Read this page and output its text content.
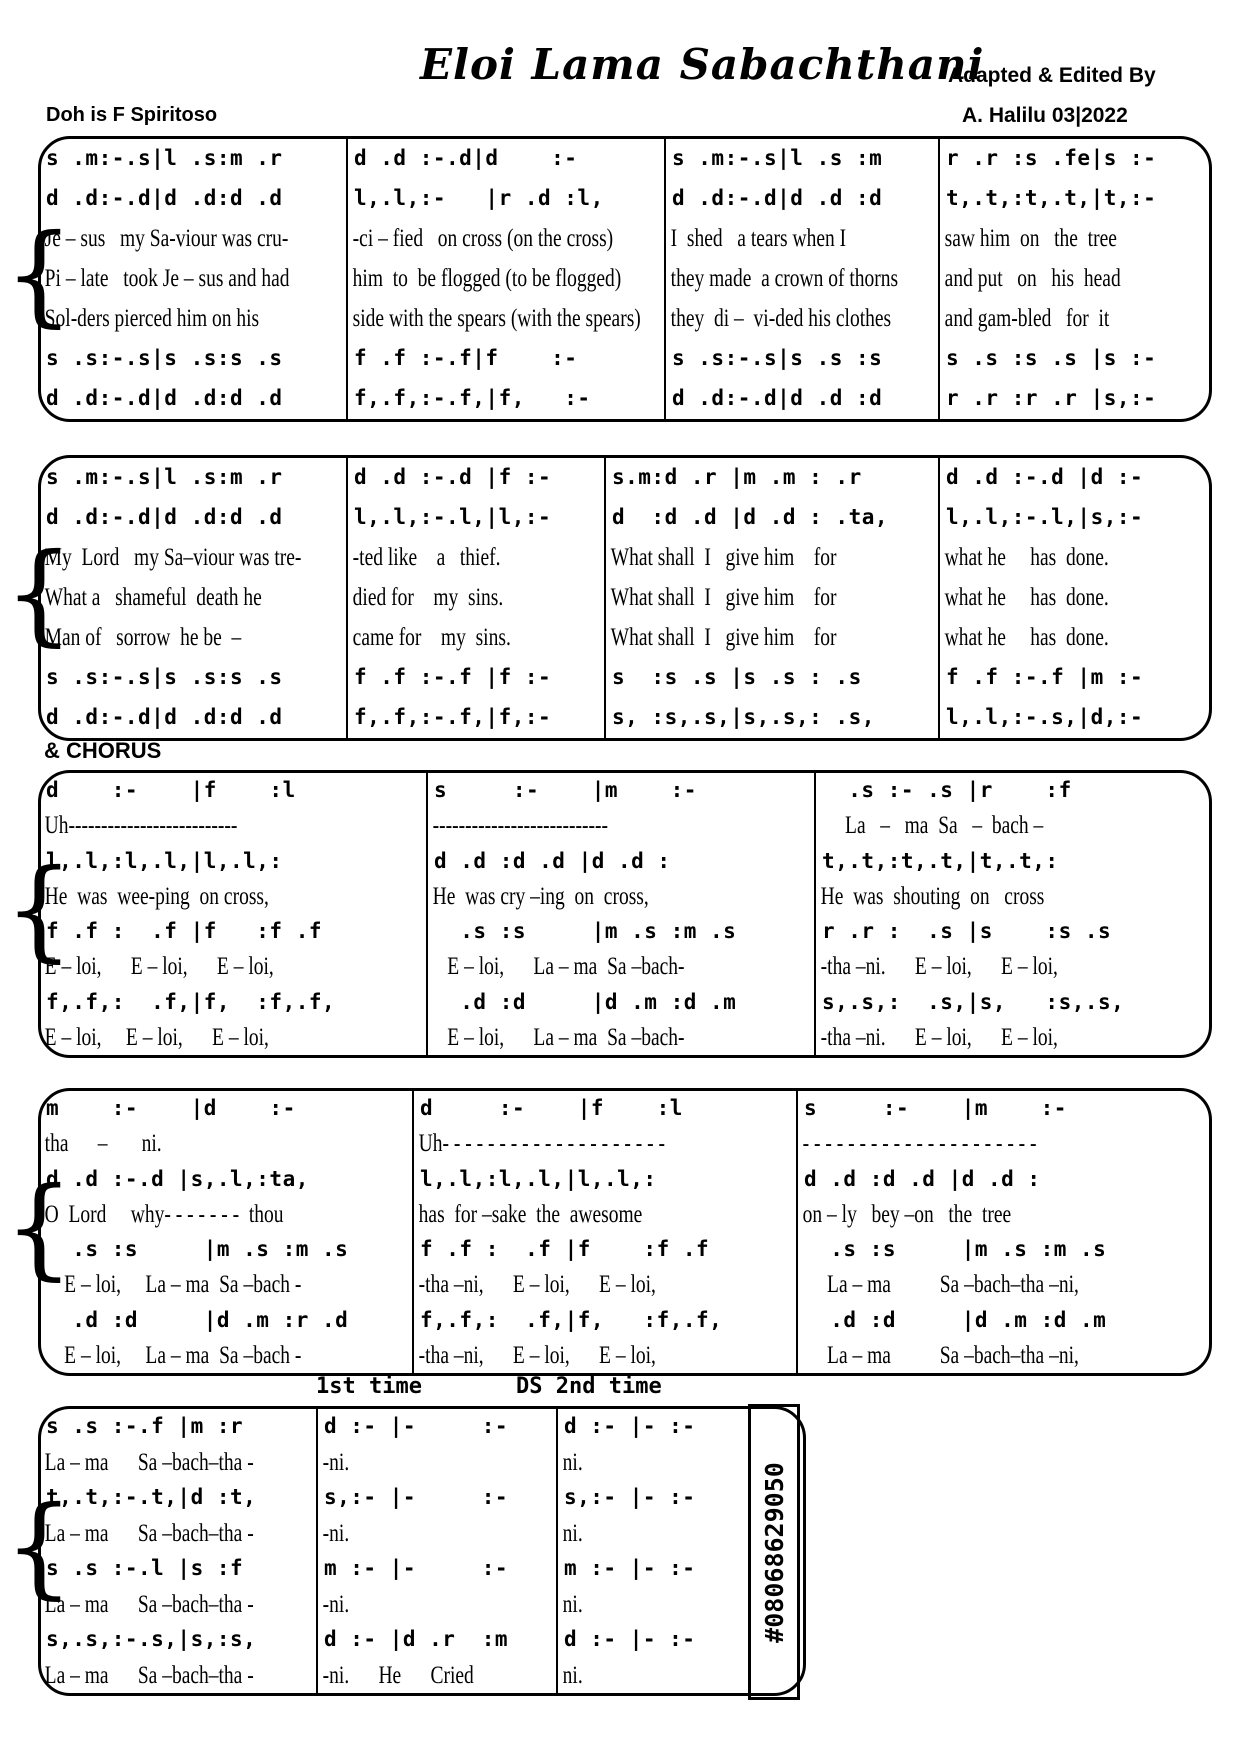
Eloi Lama Sabachthani
Adapted & Edited By
A. Halilu 03|2022
Doh is F Spiritoso
& CHORUS
1st time	DS 2nd time
{
s .m:-.s|l .s:m .r
d .d:-.d|d .d:d .d
Je – sus   my Sa-viour was cru-
Pi – late   took Je – sus and had
Sol-ders pierced him on his
s .s:-.s|s .s:s .s
d .d:-.d|d .d:d .d
d .d :-.d|d    :-
l,.l,:-   |r .d :l,
-ci – fied   on cross (on the cross)
him  to  be flogged (to be flogged)
side with the spears (with the spears)
f .f :-.f|f    :-
f,.f,:-.f,|f,   :-
s .m:-.s|l .s :m
d .d:-.d|d .d :d
I  shed   a tears when I
they made  a crown of thorns
they  di –  vi-ded his clothes
s .s:-.s|s .s :s
d .d:-.d|d .d :d
r .r :s .fe|s :-
t,.t,:t,.t,|t,:-
saw him  on   the  tree
and put   on   his  head
and gam-bled   for  it
s .s :s .s |s :-
r .r :r .r |s,:-
{
s .m:-.s|l .s:m .r
d .d:-.d|d .d:d .d
My  Lord   my Sa–viour was tre-
What a   shameful  death he
Man of   sorrow  he be  –
s .s:-.s|s .s:s .s
d .d:-.d|d .d:d .d
d .d :-.d |f :-
l,.l,:-.l,|l,:-
-ted like    a   thief.
died for    my  sins.
came for    my  sins.
f .f :-.f |f :-
f,.f,:-.f,|f,:-
s.m:d .r |m .m : .r
d  :d .d |d .d : .ta,
What shall  I   give him    for
What shall  I   give him    for
What shall  I   give him    for
s  :s .s |s .s : .s
s, :s,.s,|s,.s,: .s,
d .d :-.d |d :-
l,.l,:-.l,|s,:-
what he     has  done.
what he     has  done.
what he     has  done.
f .f :-.f |m :-
l,.l,:-.s,|d,:-
{
d    :-    |f    :l
Uh--------------------------
l,.l,:l,.l,|l,.l,:
He  was  wee-ping  on cross,
f .f :  .f |f   :f .f
E – loi,      E – loi,      E – loi,
f,.f,:  .f,|f,  :f,.f,
E – loi,     E – loi,      E – loi,
s     :-    |m    :-
---------------------------
d .d :d .d |d .d :
He  was cry –ing  on  cross,
.s :s     |m .s :m .s
E – loi,      La – ma  Sa –bach-
.d :d     |d .m :d .m
E – loi,      La – ma  Sa –bach-
.s :- .s |r    :f
La   –   ma  Sa   –  bach –
t,.t,:t,.t,|t,.t,:
He  was  shouting  on   cross
r .r :  .s |s    :s .s
-tha –ni.      E – loi,      E – loi,
s,.s,:  .s,|s,   :s,.s,
-tha –ni.      E – loi,      E – loi,
{
m    :-    |d    :-
tha      –       ni.
d .d :-.d |s,.l,:ta,
O  Lord     why- - - - - - -  thou
.s :s     |m .s :m .s
E – loi,     La – ma  Sa –bach -
.d :d     |d .m :r .d
E – loi,     La – ma  Sa –bach -
d     :-    |f    :l
Uh- - - - - - - - - - - - - - - - - - - -
l,.l,:l,.l,|l,.l,:
has  for –sake  the  awesome
f .f :  .f |f    :f .f
-tha –ni,      E – loi,      E – loi,
f,.f,:  .f,|f,   :f,.f,
-tha –ni,      E – loi,      E – loi,
s     :-    |m    :-
- - - - - - - - - - - - - - - - - - - - -
d .d :d .d |d .d :
on – ly   bey –on   the  tree
.s :s     |m .s :m .s
La – ma          Sa –bach–tha –ni,
.d :d     |d .m :d .m
La – ma          Sa –bach–tha –ni,
{
s .s :-.f |m :r
La – ma      Sa –bach–tha -
t,.t,:-.t,|d :t,
La – ma      Sa –bach–tha -
s .s :-.l |s :f
La – ma      Sa –bach–tha -
s,.s,:-.s,|s,:s,
La – ma      Sa –bach–tha -
d :- |-     :-
-ni.
s,:- |-     :-
-ni.
m :- |-     :-
-ni.
d :- |d .r  :m
-ni.      He      Cried
d :- |- :-
ni.
s,:- |- :-
ni.
m :- |- :-
ni.
d :- |- :-
ni.
#08068629050
